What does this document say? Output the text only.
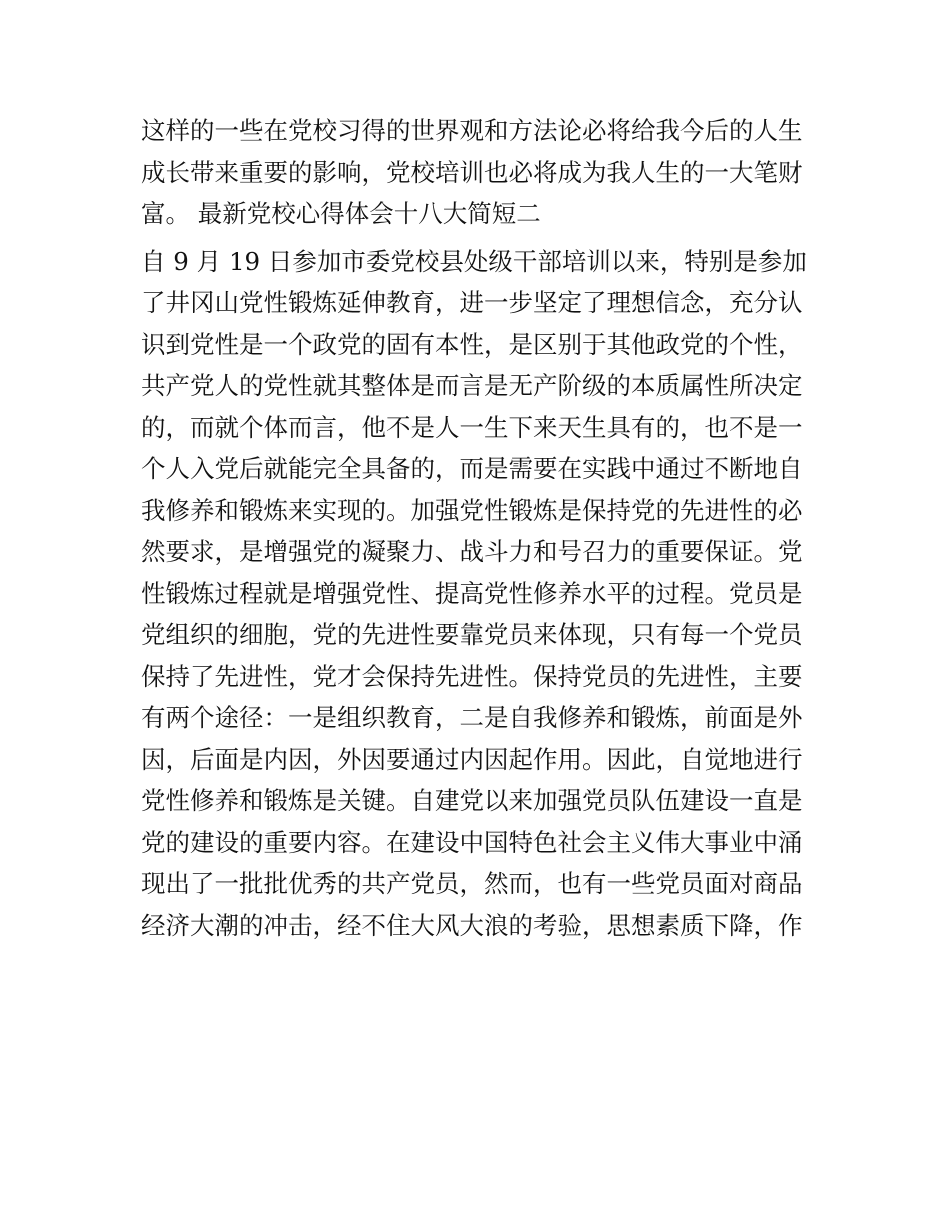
这样的一些在党校习得的世界观和方法论必将给我今后的人生
成长带来重要的影响，党校培训也必将成为我人生的一大笔财
富。 最新党校心得体会十八大简短二
自 9 月 19 日参加市委党校县处级干部培训以来，特别是参加
了井冈山党性锻炼延伸教育，进一步坚定了理想信念，充分认
识到党性是一个政党的固有本性，是区别于其他政党的个性，
共产党人的党性就其整体是而言是无产阶级的本质属性所决定
的，而就个体而言，他不是人一生下来天生具有的，也不是一
个人入党后就能完全具备的，而是需要在实践中通过不断地自
我修养和锻炼来实现的。加强党性锻炼是保持党的先进性的必
然要求，是增强党的凝聚力、战斗力和号召力的重要保证。党
性锻炼过程就是增强党性、提高党性修养水平的过程。党员是
党组织的细胞，党的先进性要靠党员来体现，只有每一个党员
保持了先进性，党才会保持先进性。保持党员的先进性，主要
有两个途径：一是组织教育，二是自我修养和锻炼，前面是外
因，后面是内因，外因要通过内因起作用。因此，自觉地进行
党性修养和锻炼是关键。自建党以来加强党员队伍建设一直是
党的建设的重要内容。在建设中国特色社会主义伟大事业中涌
现出了一批批优秀的共产党员，然而，也有一些党员面对商品
经济大潮的冲击，经不住大风大浪的考验，思想素质下降，作
